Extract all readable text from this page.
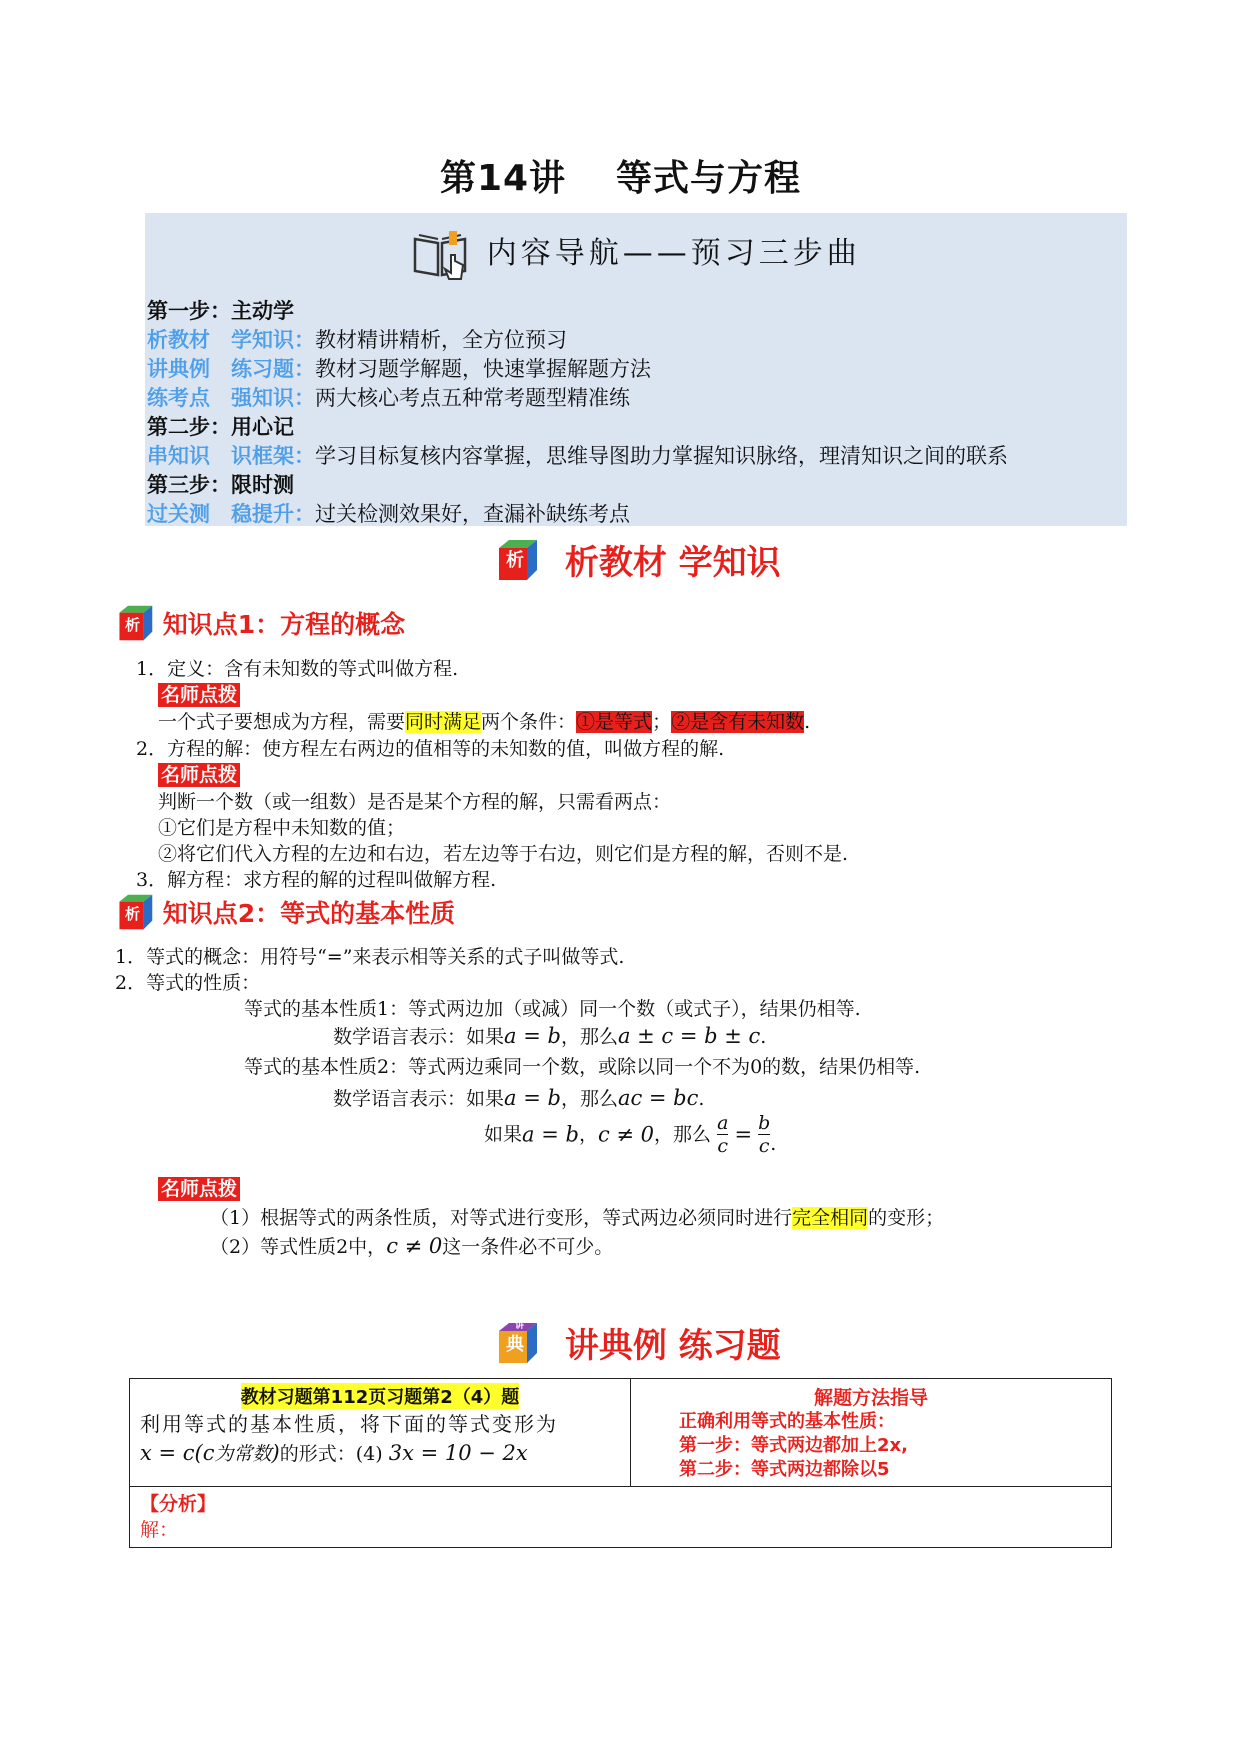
第14讲 等式与方程
内容导航——预习三步曲
第一步：主动学
析教材　学知识：教材精讲精析，全方位预习
讲典例　练习题：教材习题学解题，快速掌握解题方法
练考点　强知识：两大核心考点五种常考题型精准练
第二步：用心记
串知识　识框架：学习目标复核内容掌握，思维导图助力掌握知识脉络，理清知识之间的联系
第三步：限时测
过关测　稳提升：过关检测效果好，查漏补缺练考点

析 析教材 学知识

析 知识点1：方程的概念
1．定义：含有未知数的等式叫做方程.
名师点拨
一个式子要想成为方程，需要同时满足两个条件：①是等式；②是含有未知数.
2．方程的解：使方程左右两边的值相等的未知数的值，叫做方程的解.
名师点拨
判断一个数（或一组数）是否是某个方程的解，只需看两点：
①它们是方程中未知数的值；
②将它们代入方程的左边和右边，若左边等于右边，则它们是方程的解，否则不是.
3．解方程：求方程的解的过程叫做解方程.

析 知识点2：等式的基本性质
1．等式的概念：用符号“=”来表示相等关系的式子叫做等式.
2．等式的性质：
等式的基本性质1：等式两边加（或减）同一个数（或式子），结果仍相等.
数学语言表示：如果a = b，那么a ± c = b ± c.
等式的基本性质2：等式两边乘同一个数，或除以同一个不为0的数，结果仍相等.
数学语言表示：如果a = b，那么ac = bc.
如果a = b，c ≠ 0，那么 $\frac{a}{c} = \frac{b}{c}$ .
名师点拨
（1）根据等式的两条性质，对等式进行变形，等式两边必须同时进行完全相同的变形；
（2）等式性质2中，c ≠ 0这一条件必不可少。

讲
典 讲典例 练习题
教材习题第112页习题第2（4）题
利用等式的基本性质，将下面的等式变形为
x = c(c为常数)的形式：(4) 3x = 10 − 2x

解题方法指导
正确利用等式的基本性质：
第一步：等式两边都加上2x,
第二步：等式两边都除以5

【分析】
解：
